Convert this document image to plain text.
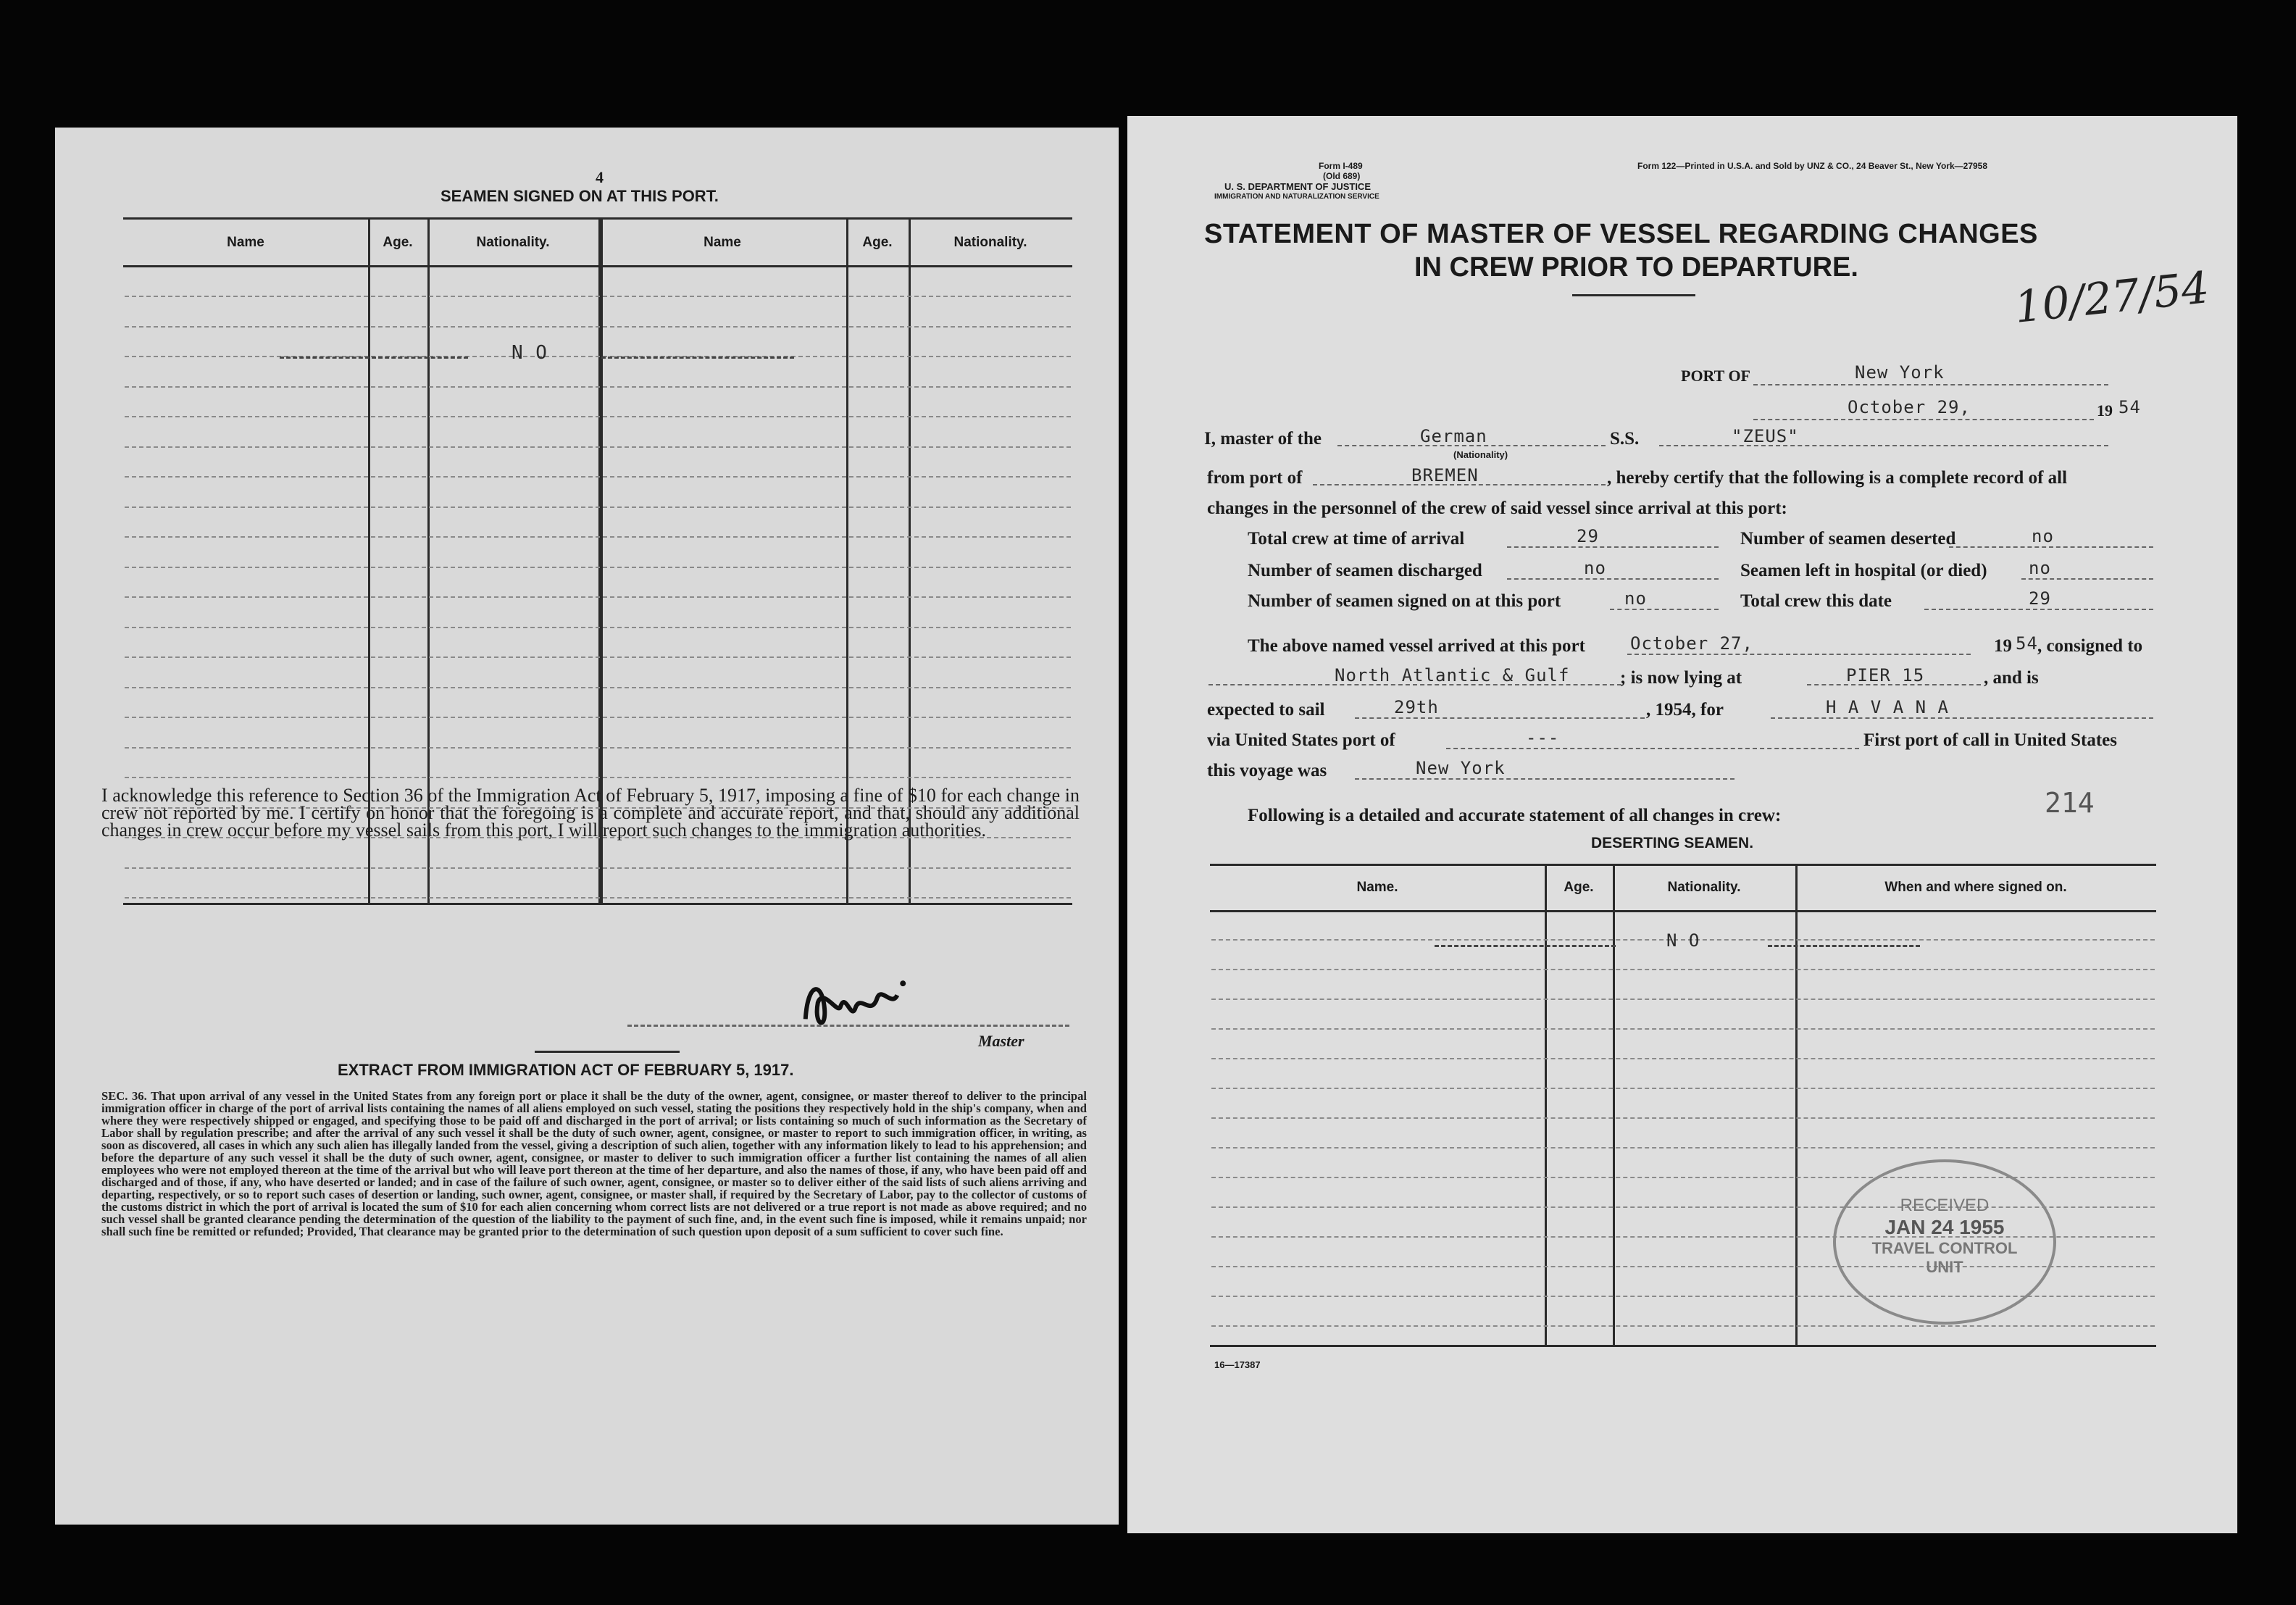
4
SEAMEN SIGNED ON AT THIS PORT.
Name	Age.	Nationality.	Name	Age.	Nationality.
N O
I acknowledge this reference to Section 36 of the Immigration Act of February 5, 1917, imposing a fine of $10 for each change in crew not reported by me. I certify on honor that the foregoing is a complete and accurate report, and that, should any additional changes in crew occur before my vessel sails from this port, I will report such changes to the immigration authorities.
Master
EXTRACT FROM IMMIGRATION ACT OF FEBRUARY 5, 1917.
SEC. 36. That upon arrival of any vessel in the United States from any foreign port or place it shall be the duty of the owner, agent, consignee, or master thereof to deliver to the principal immigration officer in charge of the port of arrival lists containing the names of all aliens employed on such vessel, stating the positions they respectively hold in the ship's company, when and where they were respectively shipped or engaged, and specifying those to be paid off and discharged in the port of arrival; or lists containing so much of such information as the Secretary of Labor shall by regulation prescribe; and after the arrival of any such vessel it shall be the duty of such owner, agent, consignee, or master to report to such immigration officer, in writing, as soon as discovered, all cases in which any such alien has illegally landed from the vessel, giving a description of such alien, together with any information likely to lead to his apprehension; and before the departure of any such vessel it shall be the duty of such owner, agent, consignee, or master to deliver to such immigration officer a further list containing the names of all alien employees who were not employed thereon at the time of the arrival but who will leave port thereon at the time of her departure, and also the names of those, if any, who have been paid off and discharged and of those, if any, who have deserted or landed; and in case of the failure of such owner, agent, consignee, or master so to deliver either of the said lists of such aliens arriving and departing, respectively, or so to report such cases of desertion or landing, such owner, agent, consignee, or master shall, if required by the Secretary of Labor, pay to the collector of customs of the customs district in which the port of arrival is located the sum of $10 for each alien concerning whom correct lists are not delivered or a true report is not made as above required; and no such vessel shall be granted clearance pending the determination of the question of the liability to the payment of such fine, and, in the event such fine is imposed, while it remains unpaid; nor shall such fine be remitted or refunded; Provided, That clearance may be granted prior to the determination of such question upon deposit of a sum sufficient to cover such fine.
Form I-489
(Old 689)
U. S. DEPARTMENT OF JUSTICE
IMMIGRATION AND NATURALIZATION SERVICE
Form 122—Printed in U.S.A. and Sold by UNZ & CO., 24 Beaver St., New York—27958
STATEMENT OF MASTER OF VESSEL REGARDING CHANGES
IN CREW PRIOR TO DEPARTURE.	10/27/54
PORT OF	New York
October 29,	19 54
I, master of the	German
(Nationality)
S.S.	"ZEUS"
from port of	BREMEN	, hereby certify that the following is a complete record of all
changes in the personnel of the crew of said vessel since arrival at this port:
Total crew at time of arrival	29	Number of seamen deserted	no
Number of seamen discharged	no	Seamen left in hospital (or died) no
Number of seamen signed on at this port	no	Total crew this date	29
The above named vessel arrived at this port	October 27,	19 54 , consigned to
North Atlantic & Gulf	; is now lying at	PIER 15	, and is
expected to sail	29th	, 1954, for	H A V A N A
via United States port of	---	First port of call in United States
this voyage was	New York
Following is a detailed and accurate statement of all changes in crew:	214
DESERTING SEAMEN.
Name.	Age.	Nationality.	When and where signed on.
N O
RECEIVED
JAN 24 1955
TRAVEL CONTROL
UNIT
16—17387
